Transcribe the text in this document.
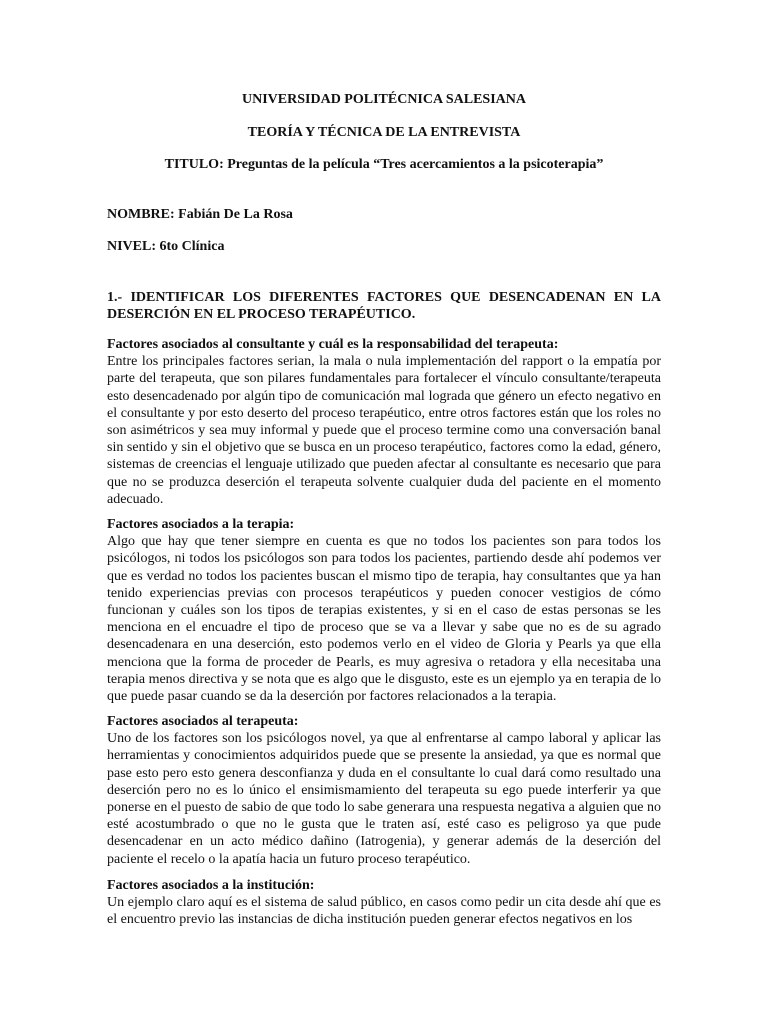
UNIVERSIDAD POLITÉCNICA SALESIANA
TEORÍA Y TÉCNICA DE LA ENTREVISTA
TITULO: Preguntas de la película “Tres acercamientos a la psicoterapia”
NOMBRE: Fabián De La Rosa
NIVEL: 6to Clínica
1.- IDENTIFICAR LOS DIFERENTES FACTORES QUE DESENCADENAN EN LA DESERCIÓN EN EL PROCESO TERAPÉUTICO.
Factores asociados al consultante y cuál es la responsabilidad del terapeuta:
Entre los principales factores serian, la mala o nula implementación del rapport o la empatía por parte del terapeuta, que son pilares fundamentales para fortalecer el vínculo consultante/terapeuta esto desencadenado por algún tipo de comunicación mal lograda que género un efecto negativo en el consultante y por esto deserto del proceso terapéutico, entre otros factores están que los roles no son asimétricos y sea muy informal y puede que el proceso termine como una conversación banal sin sentido y sin el objetivo que se busca en un proceso terapéutico, factores como la edad, género, sistemas de creencias el lenguaje utilizado que pueden afectar al consultante es necesario que para que no se produzca deserción el terapeuta solvente cualquier duda del paciente en el momento adecuado.
Factores asociados a la terapia:
Algo que hay que tener siempre en cuenta es que no todos los pacientes son para todos los psicólogos, ni todos los psicólogos son para todos los pacientes, partiendo desde ahí podemos ver que es verdad no todos los pacientes buscan el mismo tipo de terapia, hay consultantes que ya han tenido experiencias previas con procesos terapéuticos y pueden conocer vestigios de cómo funcionan y cuáles son los tipos de terapias existentes, y si en el caso de estas personas se les menciona en el encuadre el tipo de proceso que se va a llevar y sabe que no es de su agrado desencadenara en una deserción, esto podemos verlo en el video de Gloria y Pearls ya que ella menciona que la forma de proceder de Pearls, es muy agresiva o retadora y ella necesitaba una terapia menos directiva y se nota que es algo que le disgusto, este es un ejemplo ya en terapia de lo que puede pasar cuando se da la deserción por factores relacionados a la terapia.
Factores asociados al terapeuta:
Uno de los factores son los psicólogos novel, ya que al enfrentarse al campo laboral y aplicar las herramientas y conocimientos adquiridos puede que se presente la ansiedad, ya que es normal que pase esto pero esto genera desconfianza y duda en el consultante lo cual dará como resultado una deserción pero no es lo único el ensimismamiento del terapeuta su ego puede interferir ya que ponerse en el puesto de sabio de que todo lo sabe generara una respuesta negativa a alguien que no esté acostumbrado o que no le gusta que le traten así, esté caso es peligroso ya que pude desencadenar en un acto médico dañino (Iatrogenia), y generar además de la deserción del paciente el recelo o la apatía hacia un futuro proceso terapéutico.
Factores asociados a la institución:
Un ejemplo claro aquí es el sistema de salud público, en casos como pedir un cita desde ahí que es el encuentro previo las instancias de dicha institución pueden generar efectos negativos en los
